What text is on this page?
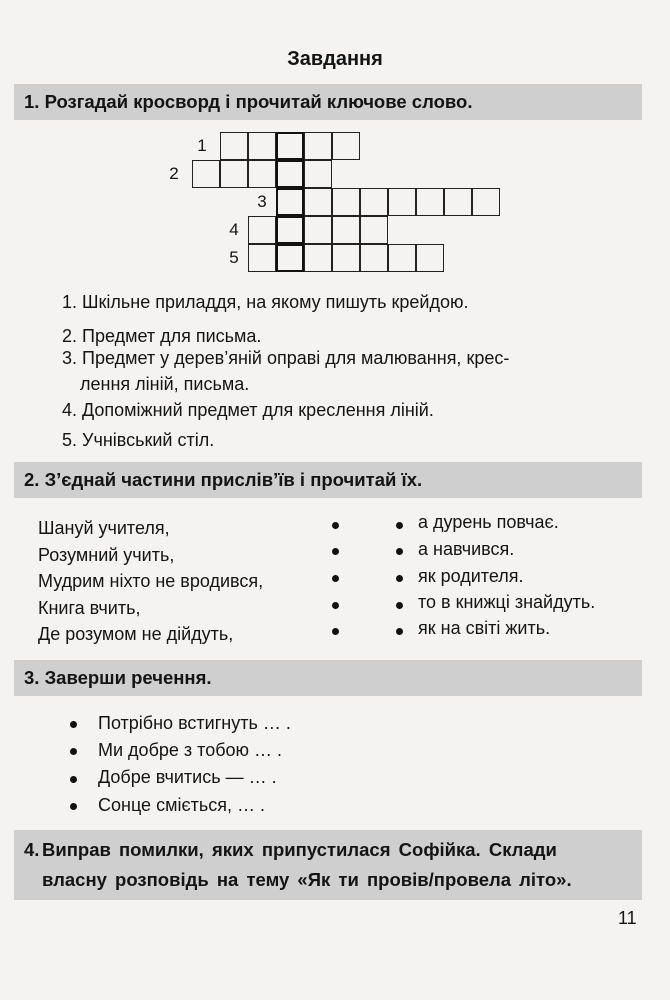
Завдання
1. Розгадай кросворд і прочитай ключове слово.
1
2
3
4
5
1. Шкільне приладдя, на якому пишуть крейдою.
2. Предмет для письма.
3. Предмет у дерев’яній оправі для малювання, крес-
лення ліній, письма.
4. Допоміжний предмет для креслення ліній.
5. Учнівський стіл.
2. З’єднай частини прислів’їв і прочитай їх.
Шануй учителя,
Розумний учить,
Мудрим ніхто не вродився,
Книга вчить,
Де розумом не дійдуть,
а дурень повчає.
а навчився.
як родителя.
то в книжці знайдуть.
як на світі жить.
3. Заверши речення.
Потрібно встигнуть … .
Ми добре з тобою … .
Добре вчитись — … .
Сонце сміється, … .
4. Виправ помилки, яких припустилася Софійка. Склади
власну розповідь на тему «Як ти провів/провела літо».
11
